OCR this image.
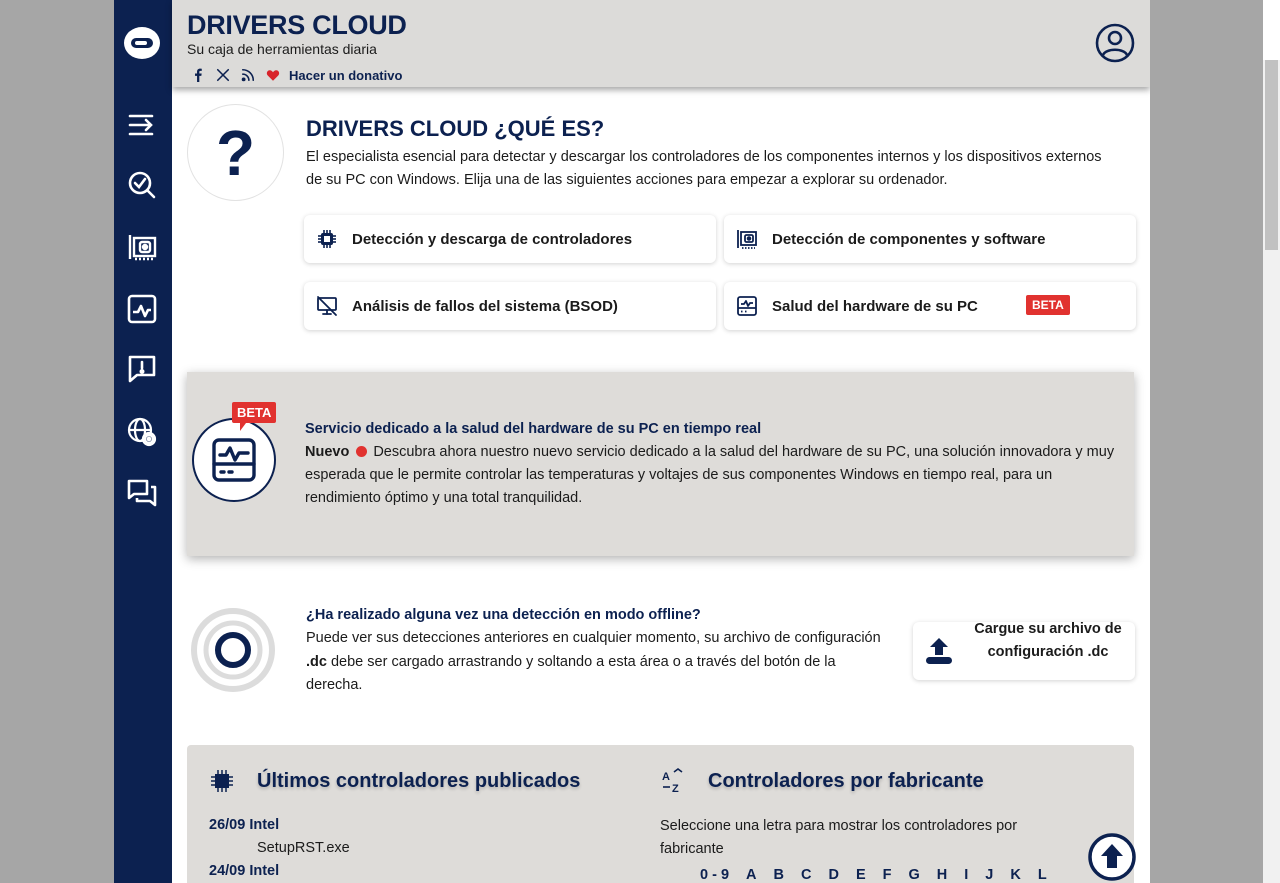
DRIVERS CLOUD
Su caja de herramientas diaria
Hacer un donativo
? DRIVERS CLOUD ¿QUÉ ES?

El especialista esencial para detectar y descargar los controladores de los componentes internos y los dispositivos externos de su PC con Windows. Elija una de las siguientes acciones para empezar a explorar su ordenador.

Detección y descarga de controladores	Detección de componentes y software
Análisis de fallos del sistema (BSOD)	Salud del hardware de su PC	BETA
BETA
Servicio dedicado a la salud del hardware de su PC en tiempo real

Nuevo Descubra ahora nuestro nuevo servicio dedicado a la salud del hardware de su PC, una solución innovadora y muy esperada que le permite controlar las temperaturas y voltajes de sus componentes Windows en tiempo real, para un rendimiento óptimo y una total tranquilidad.

¿Ha realizado alguna vez una detección en modo offline?

Puede ver sus detecciones anteriores en cualquier momento, su archivo de configuración .dc debe ser cargado arrastrando y soltando a esta área o a través del botón de la derecha.

Cargue su archivo de configuración .dc
Últimos controladores publicados
26/09 Intel
SetupRST.exe
24/09 Intel
A
Z Controladores por fabricante

Seleccione una letra para mostrar los controladores por fabricante

0 - 9 A B C D E F G H I J K L
